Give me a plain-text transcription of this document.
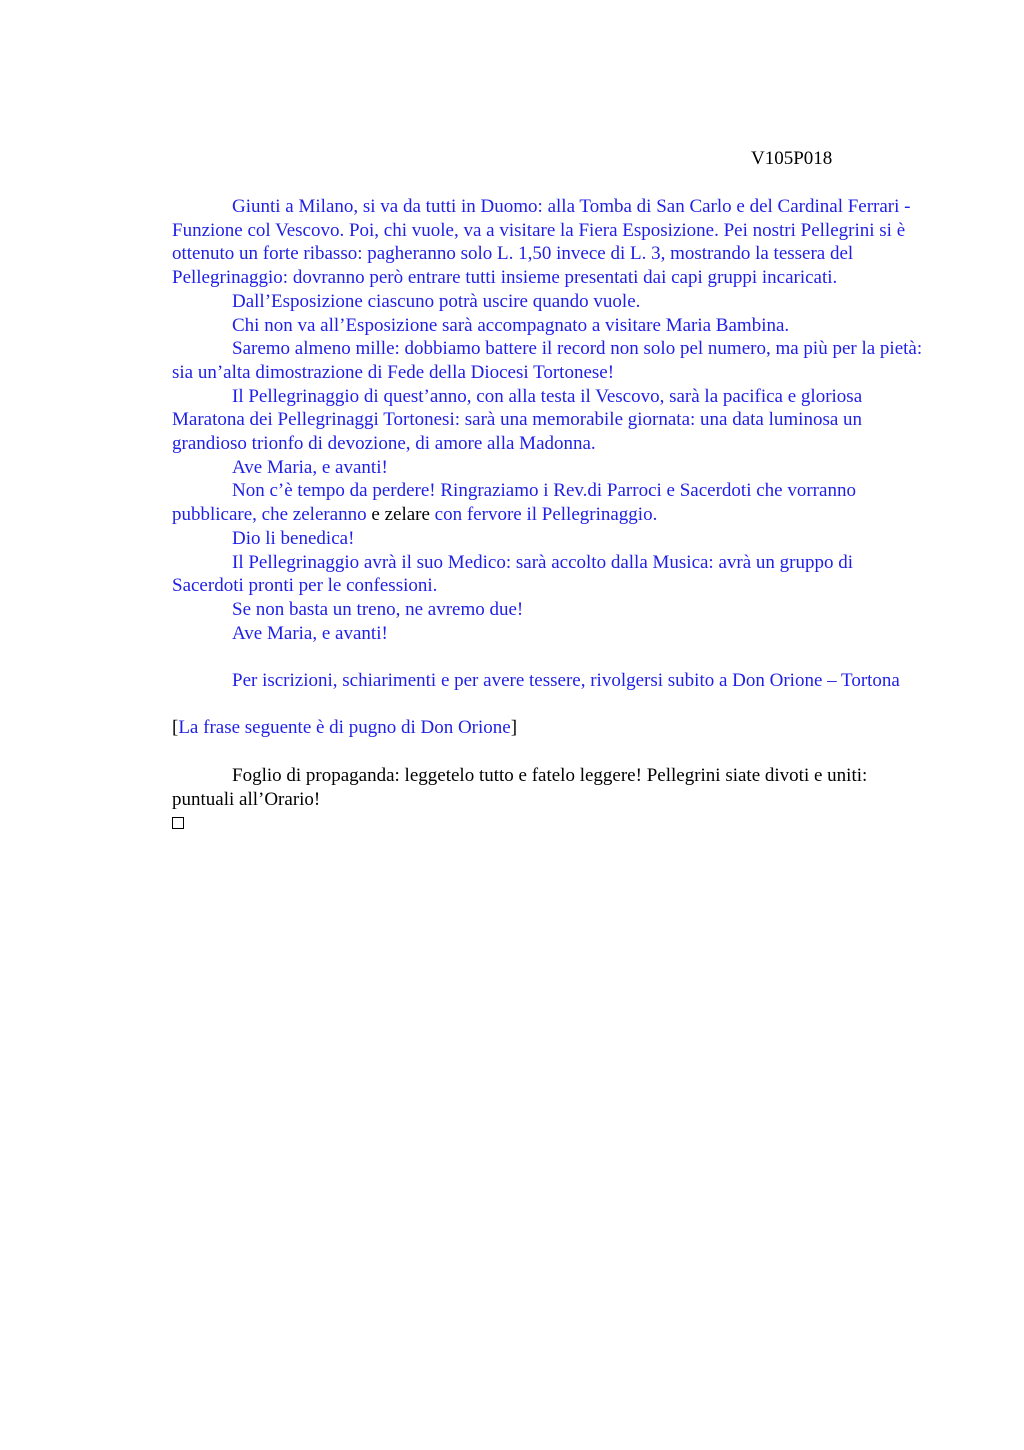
V105P018

Giunti a Milano, si va da tutti in Duomo: alla Tomba di San Carlo e del Cardinal Ferrari - Funzione col Vescovo. Poi, chi vuole, va a visitare la Fiera Esposizione. Pei nostri Pellegrini si è ottenuto un forte ribasso: pagheranno solo L. 1,50 invece di L. 3, mostrando la tessera del Pellegrinaggio: dovranno però entrare tutti insieme presentati dai capi gruppi incaricati.

Dall’Esposizione ciascuno potrà uscire quando vuole.

Chi non va all’Esposizione sarà accompagnato a visitare Maria Bambina.

Saremo almeno mille: dobbiamo battere il record non solo pel numero, ma più per la pietà: sia un’alta dimostrazione di Fede della Diocesi Tortonese!

Il Pellegrinaggio di quest’anno, con alla testa il Vescovo, sarà la pacifica e gloriosa Maratona dei Pellegrinaggi Tortonesi: sarà una memorabile giornata: una data luminosa un grandioso trionfo di devozione, di amore alla Madonna.

Ave Maria, e avanti!

Non c’è tempo da perdere! Ringraziamo i Rev.di Parroci e Sacerdoti che vorranno pubblicare, che zeleranno e zelare con fervore il Pellegrinaggio.

Dio li benedica!

Il Pellegrinaggio avrà il suo Medico: sarà accolto dalla Musica: avrà un gruppo di Sacerdoti pronti per le confessioni.

Se non basta un treno, ne avremo due!

Ave Maria, e avanti!

Per iscrizioni, schiarimenti e per avere tessere, rivolgersi subito a Don Orione – Tortona

[La frase seguente è di pugno di Don Orione]

Foglio di propaganda: leggetelo tutto e fatelo leggere! Pellegrini siate divoti e uniti: puntuali all’Orario!
